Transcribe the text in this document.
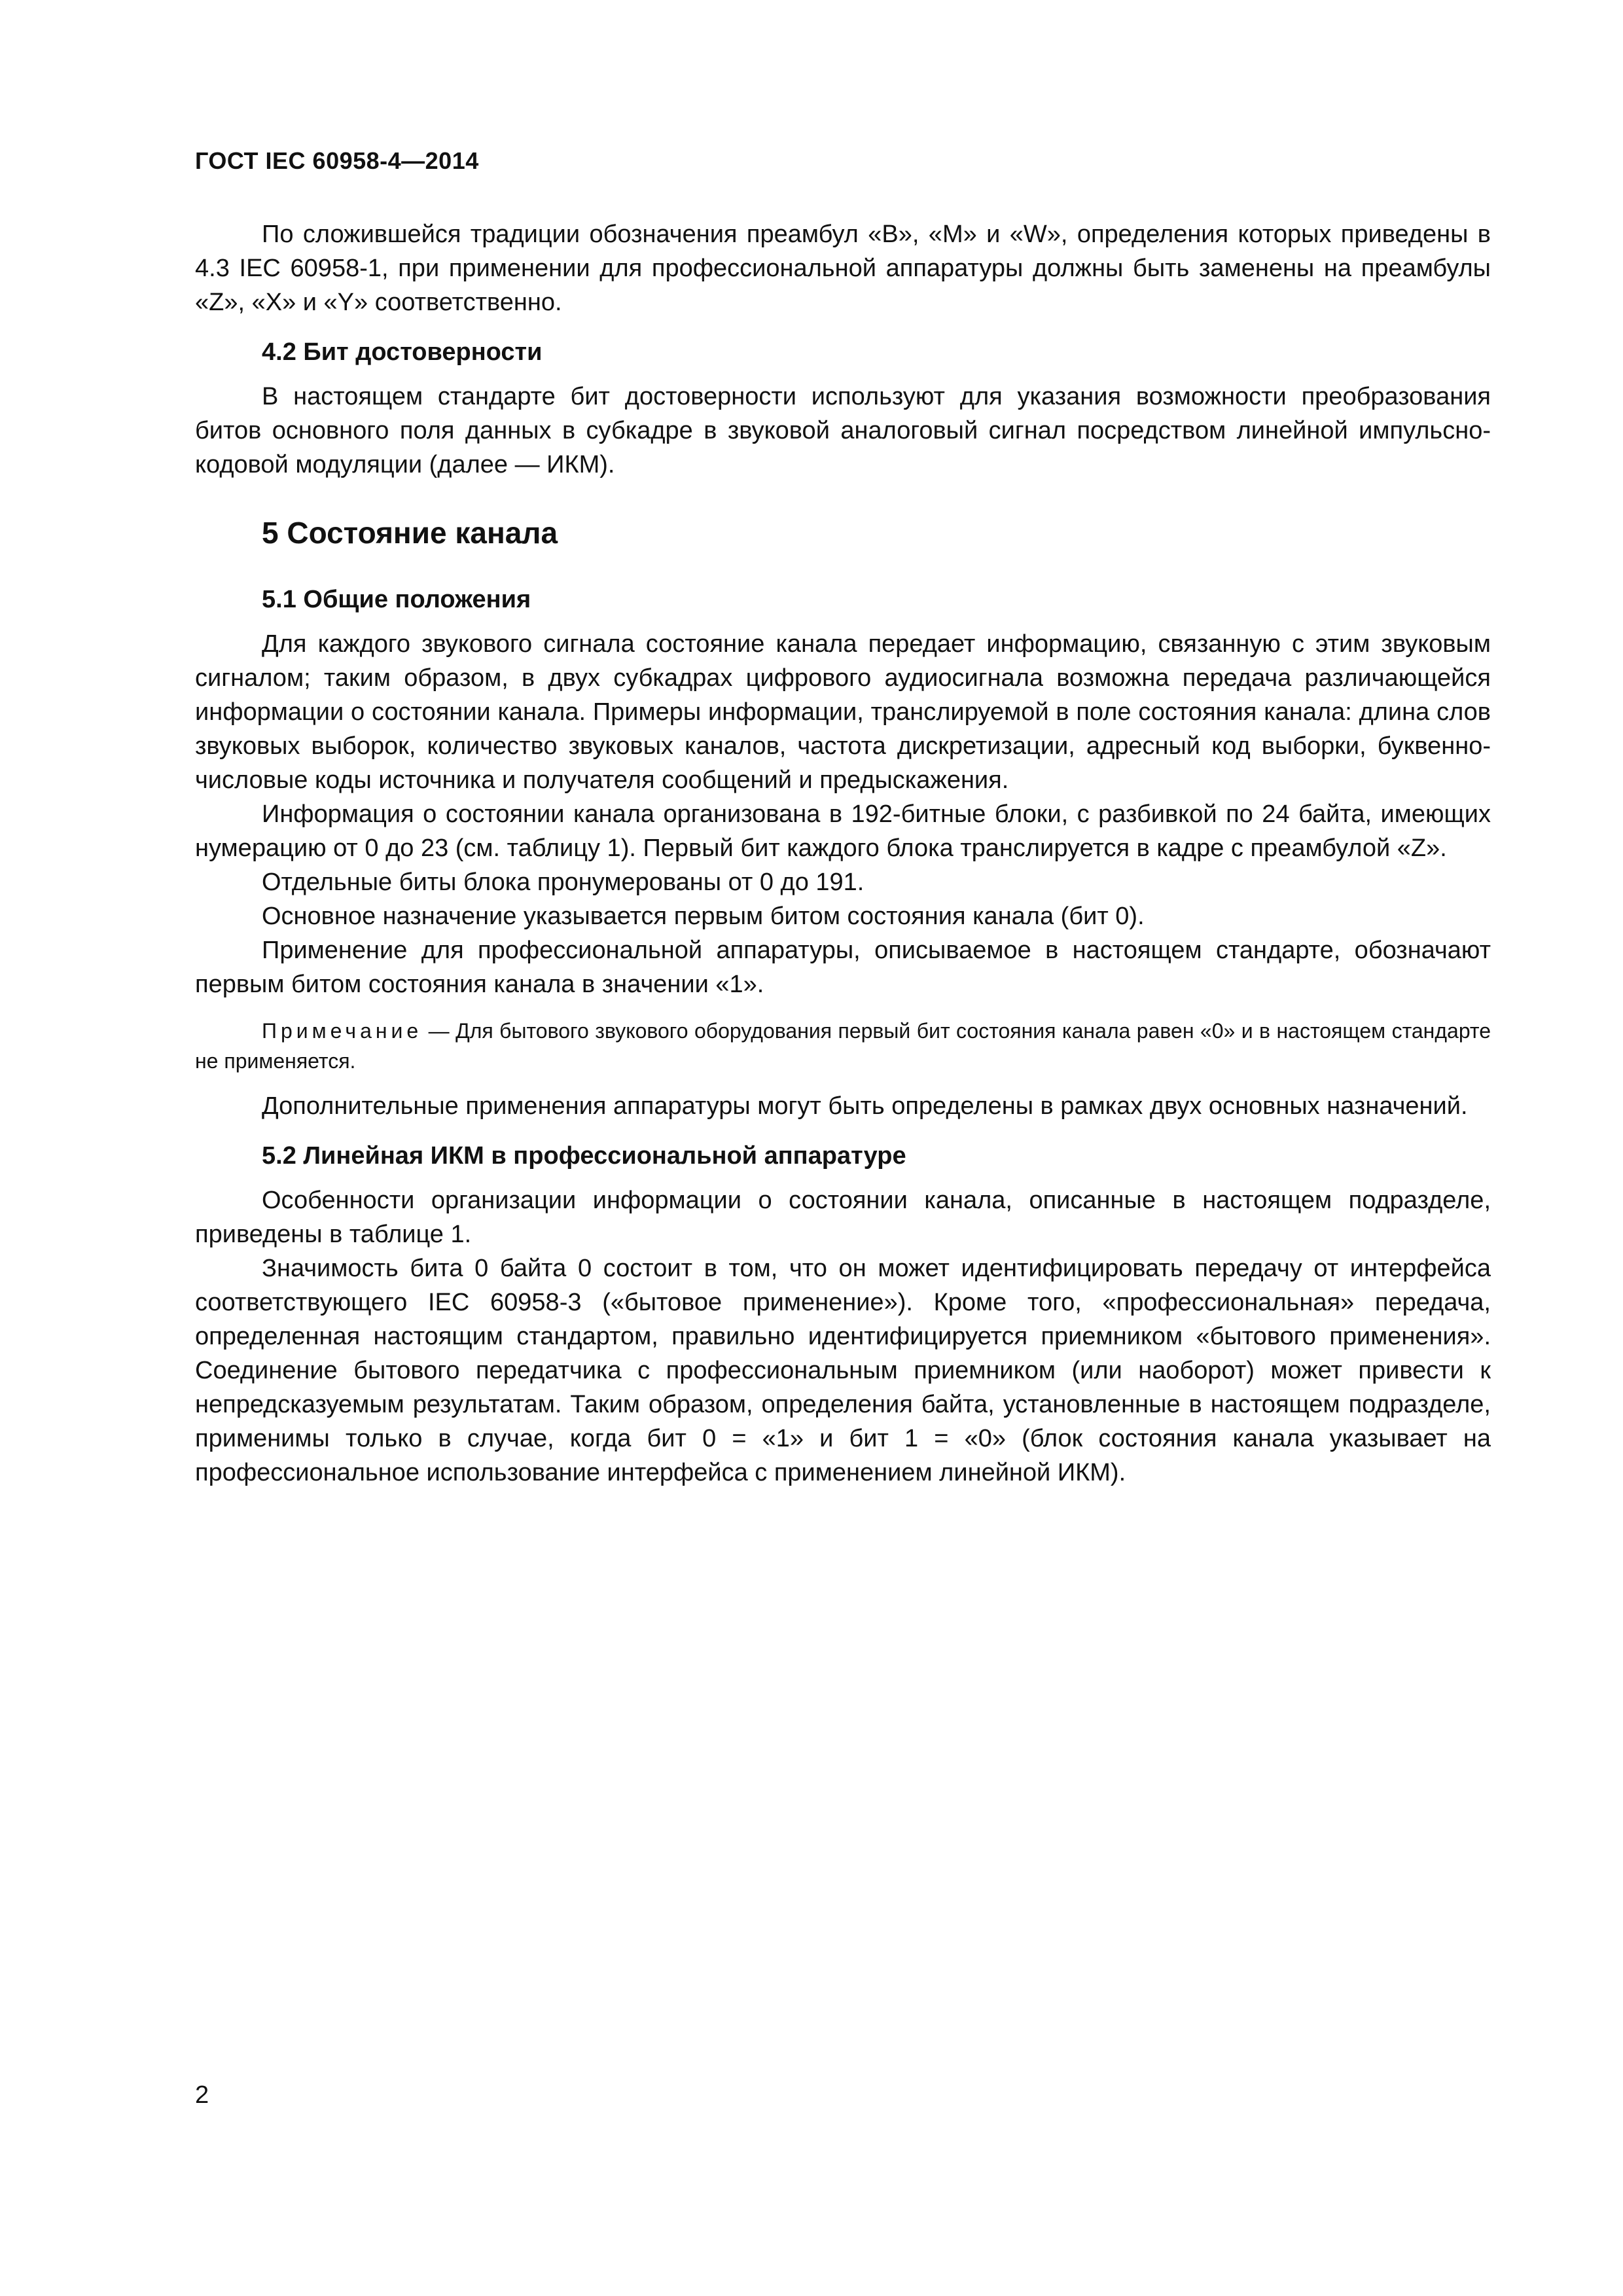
ГОСТ IEC 60958-4—2014

По сложившейся традиции обозначения преамбул «B», «M» и «W», определения которых приведены в 4.3 IEC 60958-1, при применении для профессиональной аппаратуры должны быть заменены на преамбулы «Z», «X» и «Y» соответственно.

4.2 Бит достоверности

В настоящем стандарте бит достоверности используют для указания возможности преобразования битов основного поля данных в субкадре в звуковой аналоговый сигнал посредством линейной импульсно-кодовой модуляции (далее — ИКМ).

5 Состояние канала
5.1 Общие положения

Для каждого звукового сигнала состояние канала передает информацию, связанную с этим звуковым сигналом; таким образом, в двух субкадрах цифрового аудиосигнала возможна передача различающейся информации о состоянии канала. Примеры информации, транслируемой в поле состояния канала: длина слов звуковых выборок, количество звуковых каналов, частота дискретизации, адресный код выборки, буквенно-числовые коды источника и получателя сообщений и предыскажения.

Информация о состоянии канала организована в 192-битные блоки, с разбивкой по 24 байта, имеющих нумерацию от 0 до 23 (см. таблицу 1). Первый бит каждого блока транслируется в кадре с преамбулой «Z».

Отдельные биты блока пронумерованы от 0 до 191.

Основное назначение указывается первым битом состояния канала (бит 0).

Применение для профессиональной аппаратуры, описываемое в настоящем стандарте, обозначают первым битом состояния канала в значении «1».

Примечание — Для бытового звукового оборудования первый бит состояния канала равен «0» и в настоящем стандарте не применяется.

Дополнительные применения аппаратуры могут быть определены в рамках двух основных назначений.

5.2 Линейная ИКМ в профессиональной аппаратуре

Особенности организации информации о состоянии канала, описанные в настоящем подразделе, приведены в таблице 1.

Значимость бита 0 байта 0 состоит в том, что он может идентифицировать передачу от интерфейса соответствующего IEC 60958-3 («бытовое применение»). Кроме того, «профессиональная» передача, определенная настоящим стандартом, правильно идентифицируется приемником «бытового применения». Соединение бытового передатчика с профессиональным приемником (или наоборот) может привести к непредсказуемым результатам. Таким образом, определения байта, установленные в настоящем подразделе, применимы только в случае, когда бит 0 = «1» и бит 1 = «0» (блок состояния канала указывает на профессиональное использование интерфейса с применением линейной ИКМ).

2
